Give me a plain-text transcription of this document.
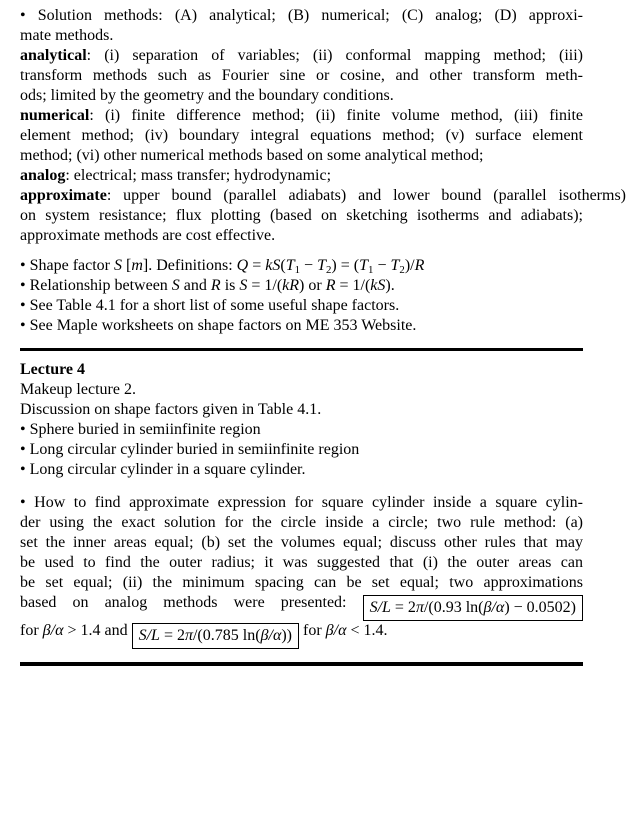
• Solution methods: (A) analytical; (B) numerical; (C) analog; (D) approxi-
mate methods.
analytical: (i) separation of variables; (ii) conformal mapping method; (iii)
transform methods such as Fourier sine or cosine, and other transform meth-
ods; limited by the geometry and the boundary conditions.
numerical: (i) finite difference method; (ii) finite volume method, (iii) finite
element method; (iv) boundary integral equations method; (v) surface element
method; (vi) other numerical methods based on some analytical method;
analog: electrical; mass transfer; hydrodynamic;
approximate: upper bound (parallel adiabats) and lower bound (parallel isotherms)
on system resistance; flux plotting (based on sketching isotherms and adiabats);
approximate methods are cost effective.
• Shape factor S [m]. Definitions: $Q = kS(T_1 - T_2) = (T_1 - T_2)/R$
• Relationship between S and R is S = 1/(kR) or R = 1/(kS).
• See Table 4.1 for a short list of some useful shape factors.
• See Maple worksheets on shape factors on ME 353 Website.
Lecture 4
Makeup lecture 2.
Discussion on shape factors given in Table 4.1.
• Sphere buried in semiinfinite region
• Long circular cylinder buried in semiinfinite region
• Long circular cylinder in a square cylinder.
• How to find approximate expression for square cylinder inside a square cylin-
der using the exact solution for the circle inside a circle; two rule method: (a)
set the inner areas equal; (b) set the volumes equal; discuss other rules that may
be used to find the outer radius; it was suggested that (i) the outer areas can
be set equal; (ii) the minimum spacing can be set equal; two approximations
based on analog methods were presented: S/L = 2π/(0.93 ln(β/α) − 0.0502)
for β/α > 1.4 and S/L = 2π/(0.785 ln(β/α)) for β/α < 1.4.
